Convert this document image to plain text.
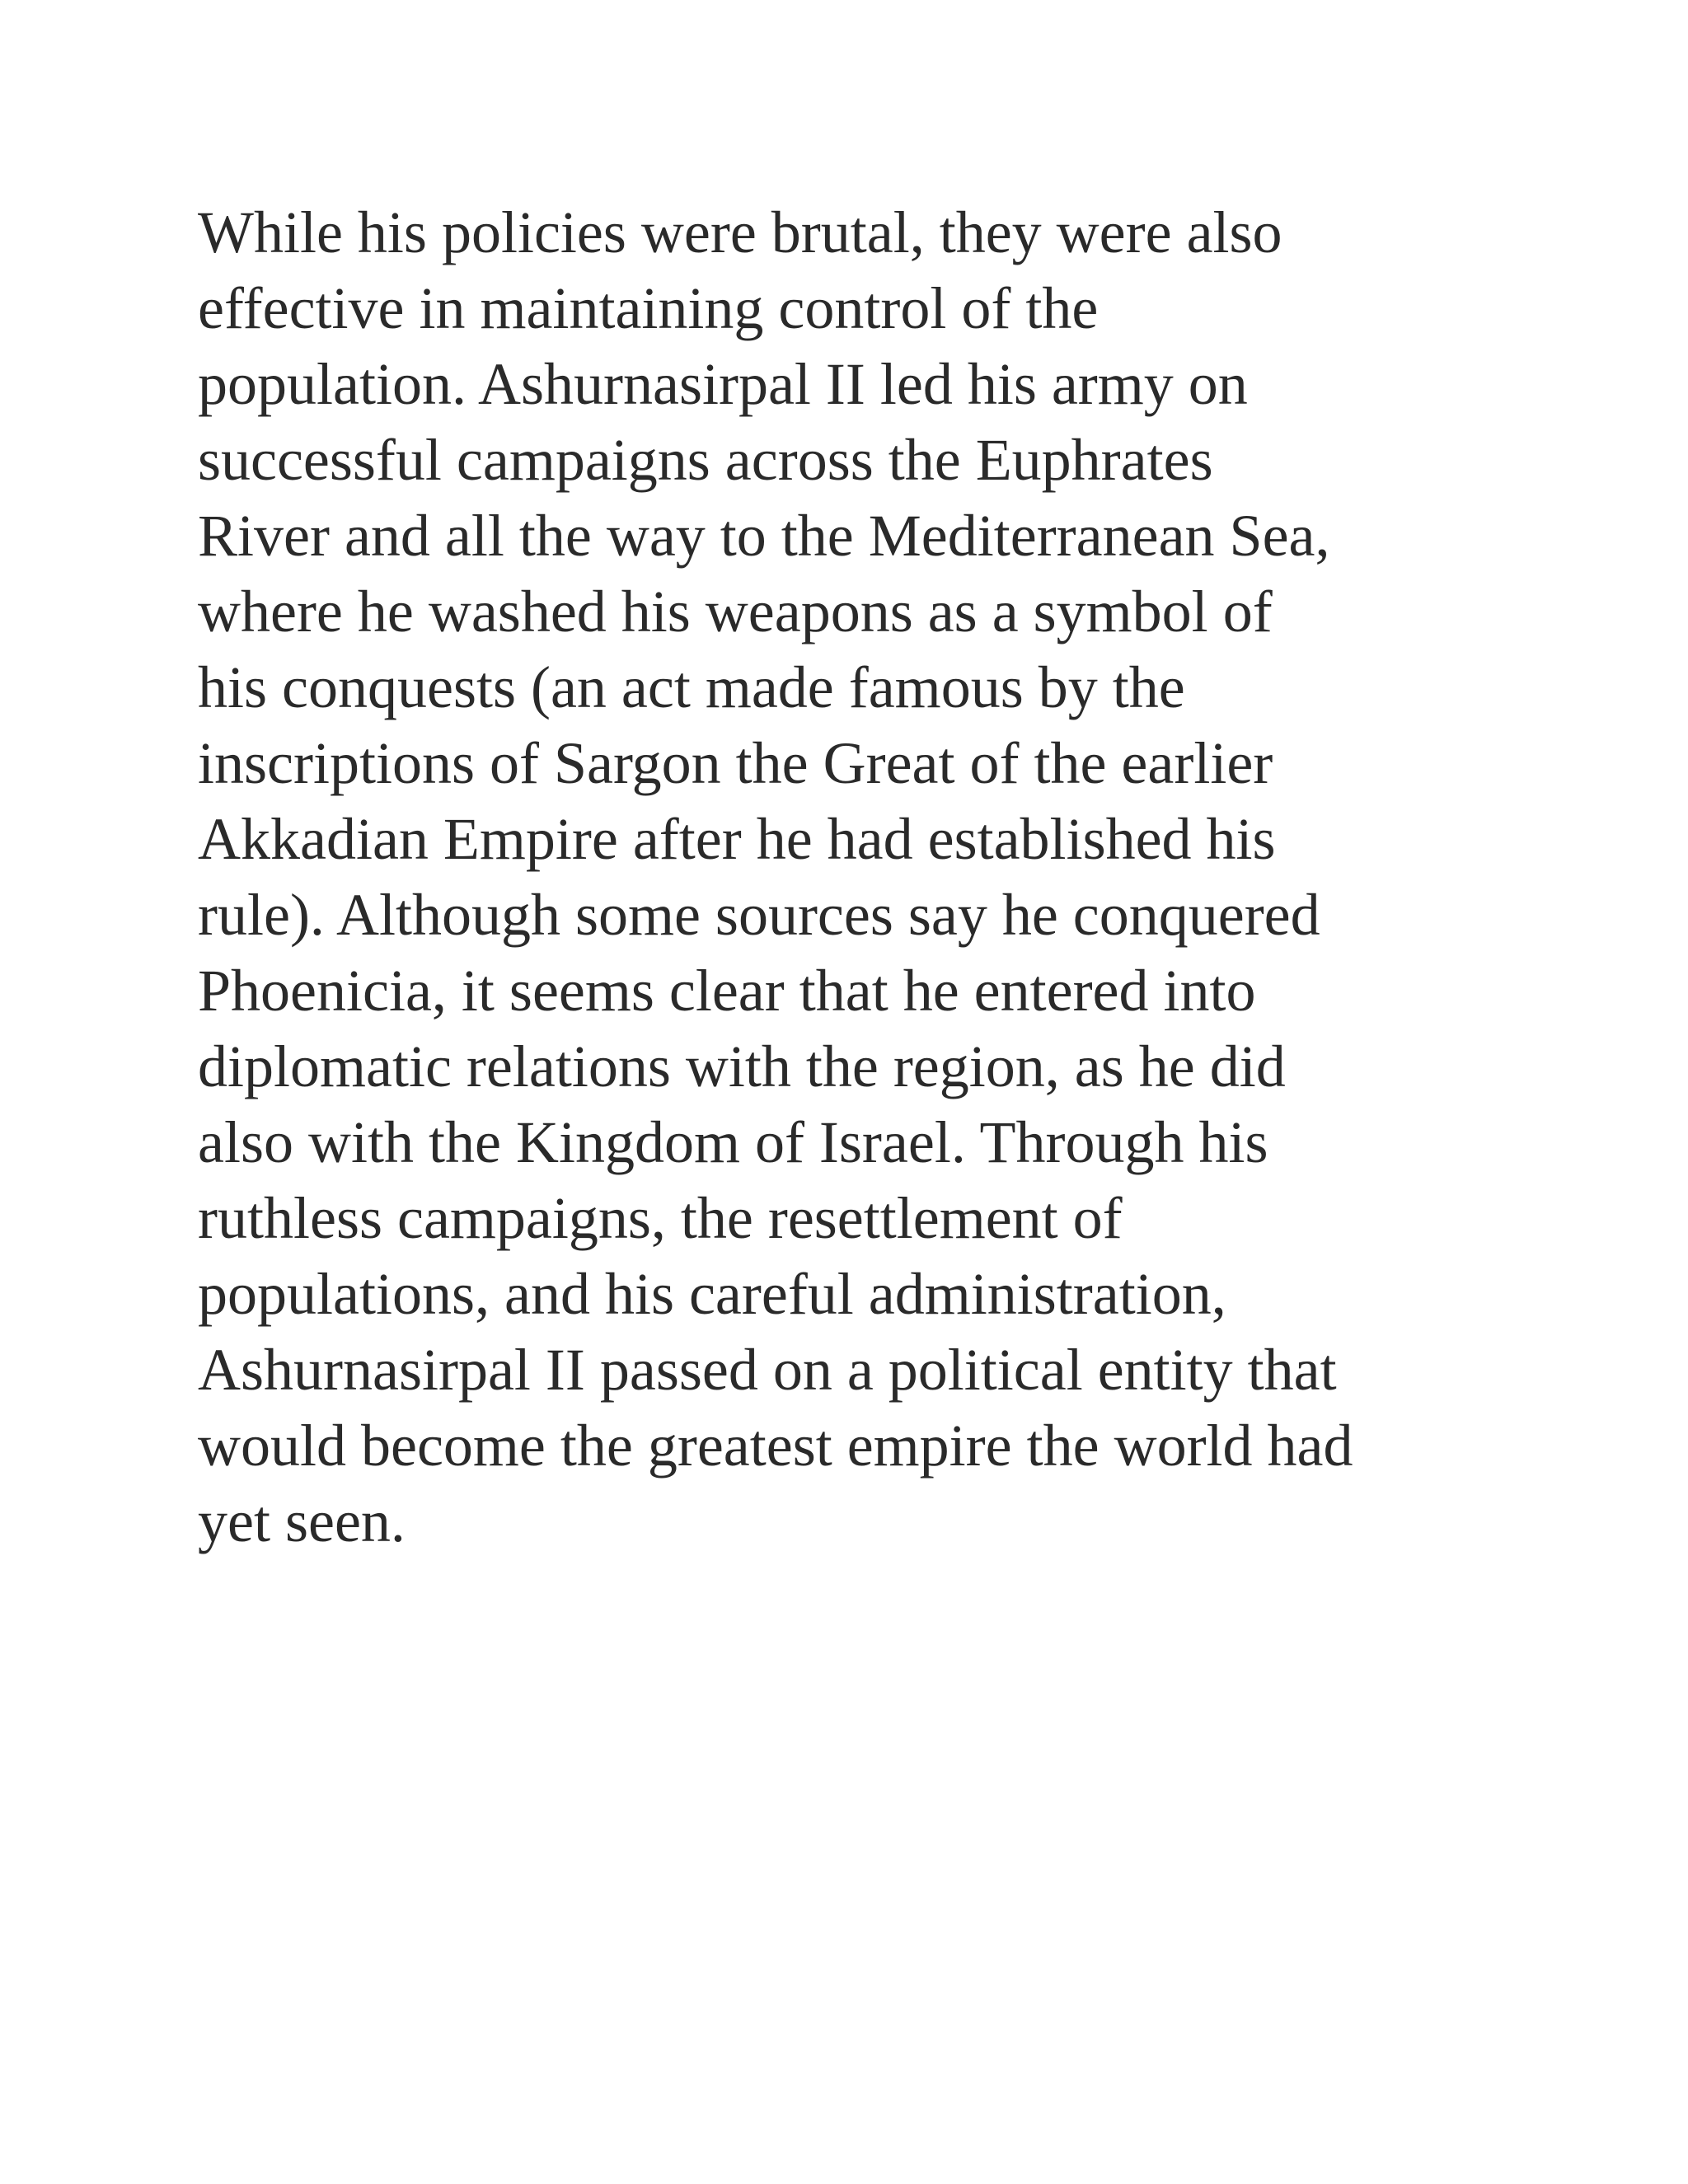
While his policies were brutal, they were also
effective in maintaining control of the
population. Ashurnasirpal II led his army on
successful campaigns across the Euphrates
River and all the way to the Mediterranean Sea,
where he washed his weapons as a symbol of
his conquests (an act made famous by the
inscriptions of Sargon the Great of the earlier
Akkadian Empire after he had established his
rule). Although some sources say he conquered
Phoenicia, it seems clear that he entered into
diplomatic relations with the region, as he did
also with the Kingdom of Israel. Through his
ruthless campaigns, the resettlement of
populations, and his careful administration,
Ashurnasirpal II passed on a political entity that
would become the greatest empire the world had
yet seen.
